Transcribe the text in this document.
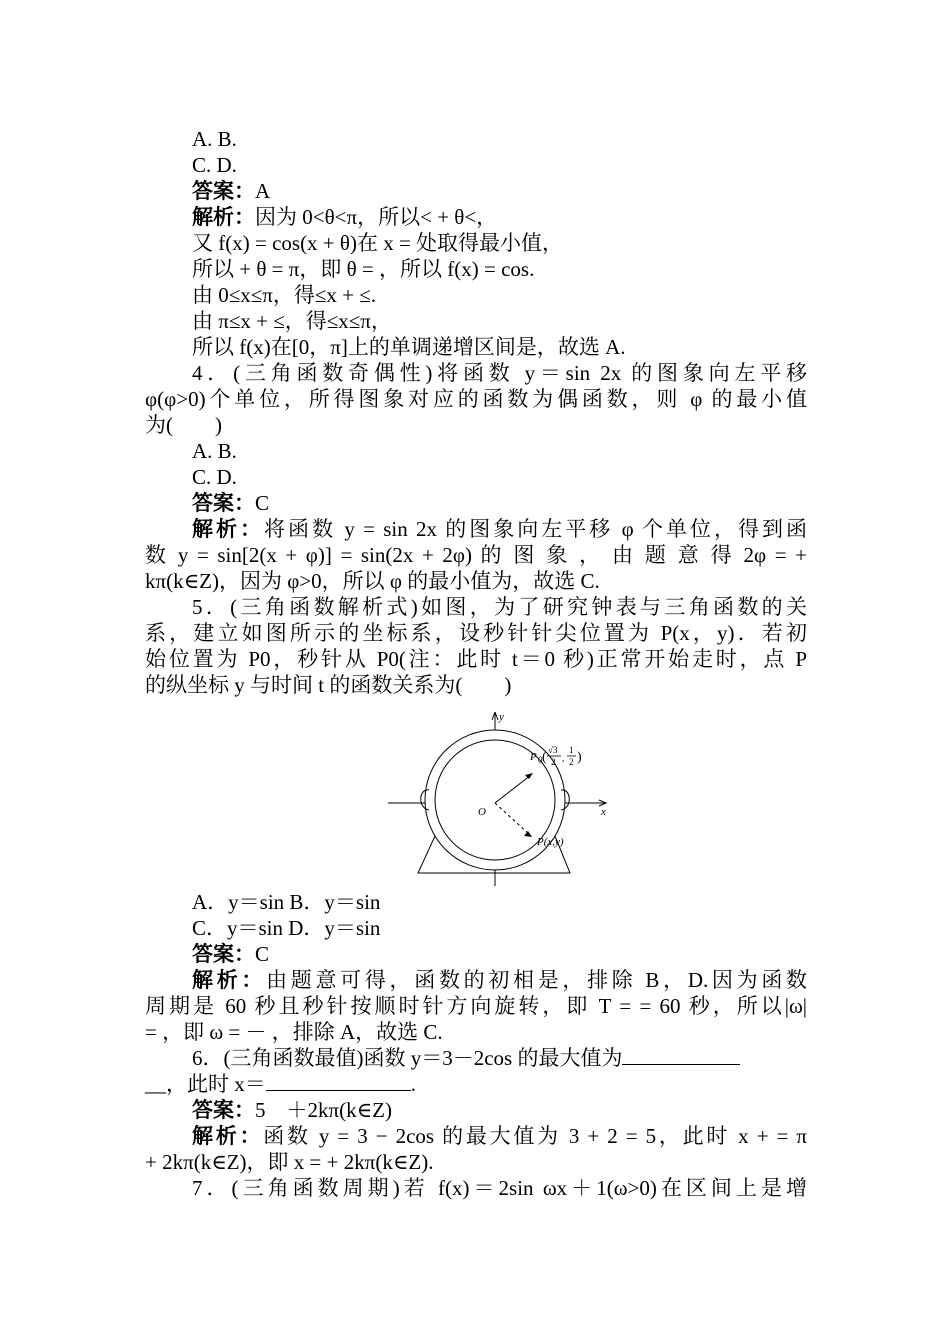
A. B.
C. D.
答案：A
解析：因为 0<θ<π，所以< + θ<，
又 f(x) = cos(x + θ)在 x = 处取得最小值，
所以 + θ = π，即 θ = ，所以 f(x) = cos.
由 0≤x≤π，得≤x + ≤.
由 π≤x + ≤，得≤x≤π，
所以 f(x)在[0，π]上的单调递增区间是，故选 A.
4．(三角函数奇偶性)将函数 y＝sin 2x 的图象向左平移
φ(φ>0)个单位，所得图象对应的函数为偶函数，则 φ 的最小值
为(　　)
A. B.
C. D.
答案：C
解析：将函数 y = sin 2x 的图象向左平移 φ 个单位，得到函
数 y = sin[2(x + φ)] = sin(2x + 2φ) 的 图 象 ， 由 题 意 得 2φ = +
kπ(k∈Z)，因为 φ>0，所以 φ 的最小值为，故选 C.
5．(三角函数解析式)如图，为了研究钟表与三角函数的关
系，建立如图所示的坐标系，设秒针针尖位置为 P(x，y)．若初
始位置为 P0，秒针从 P0(注：此时 t＝0 秒)正常开始走时，点 P
的纵坐标 y 与时间 t 的函数关系为(　　)
y
x
O
P(x,y)
P 0 ( √3
2 ,
1
2 )
A．y＝sin B．y＝sin
C．y＝sin D．y＝sin
答案：C
解析：由题意可得，函数的初相是，排除 B，D.因为函数
周期是 60 秒且秒针按顺时针方向旋转，即 T = = 60 秒，所以|ω|
= ，即 ω = － ，排除 A，故选 C.
6．(三角函数最值)函数 y＝3－2cos 的最大值为
__，此时 x＝	.
答案：5　＋2kπ(k∈Z)
解析：函数 y = 3 − 2cos 的最大值为 3 + 2 = 5，此时 x + = π
+ 2kπ(k∈Z)，即 x = + 2kπ(k∈Z).
7．(三角函数周期)若 f(x)＝2sin ωx＋1(ω>0)在区间上是增
